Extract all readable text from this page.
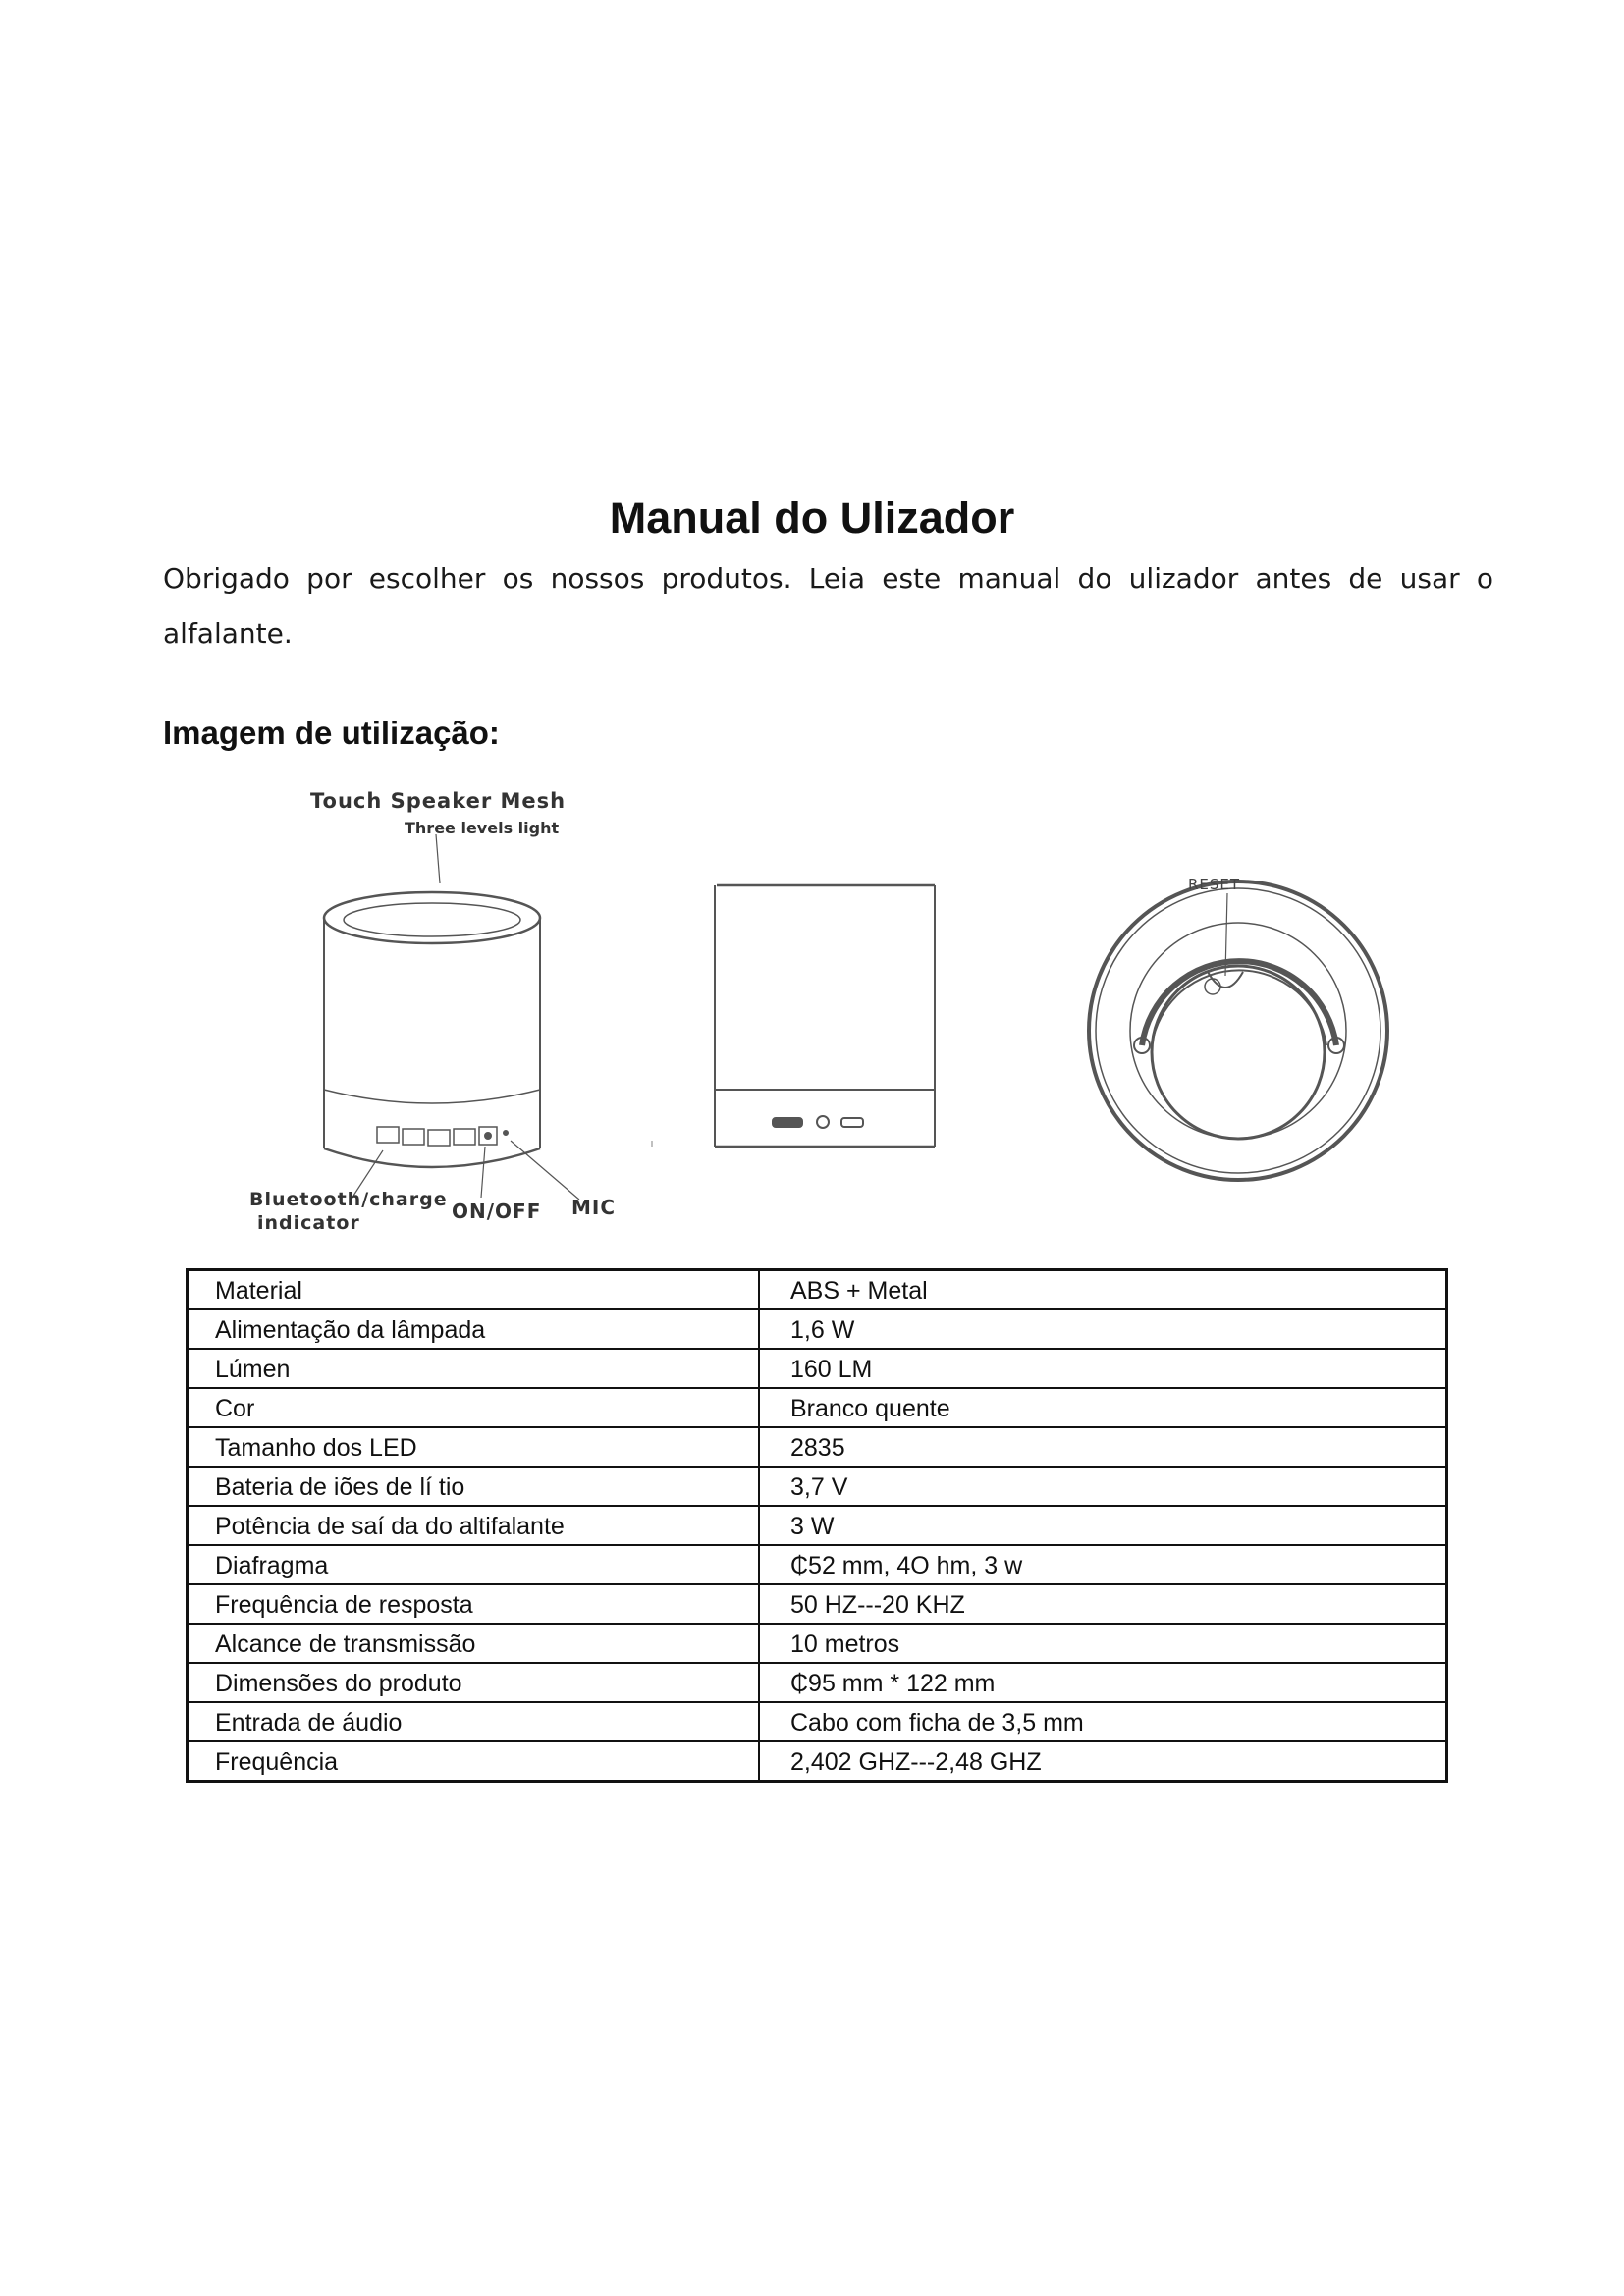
Manual do Ulizador

Obrigado por escolher os nossos produtos. Leia este manual do ulizador antes de usar o alfalante.

Imagem de utilização:
Touch Speaker Mesh
Three levels light
RESET
Bluetooth/charge
indicator	ON/OFF MIC
Material	ABS + Metal
Alimentação da lâmpada	1,6 W
Lúmen	160 LM
Cor	Branco quente
Tamanho dos LED	2835
Bateria de iões de lí tio	3,7 V
Potência de saí da do altifalante	3 W
Diafragma	₵52 mm, 4O hm, 3 w
Frequência de resposta	50 HZ---20 KHZ
Alcance de transmissão	10 metros
Dimensões do produto	₵95 mm * 122 mm
Entrada de áudio	Cabo com ficha de 3,5 mm
Frequência	2,402 GHZ---2,48 GHZ
